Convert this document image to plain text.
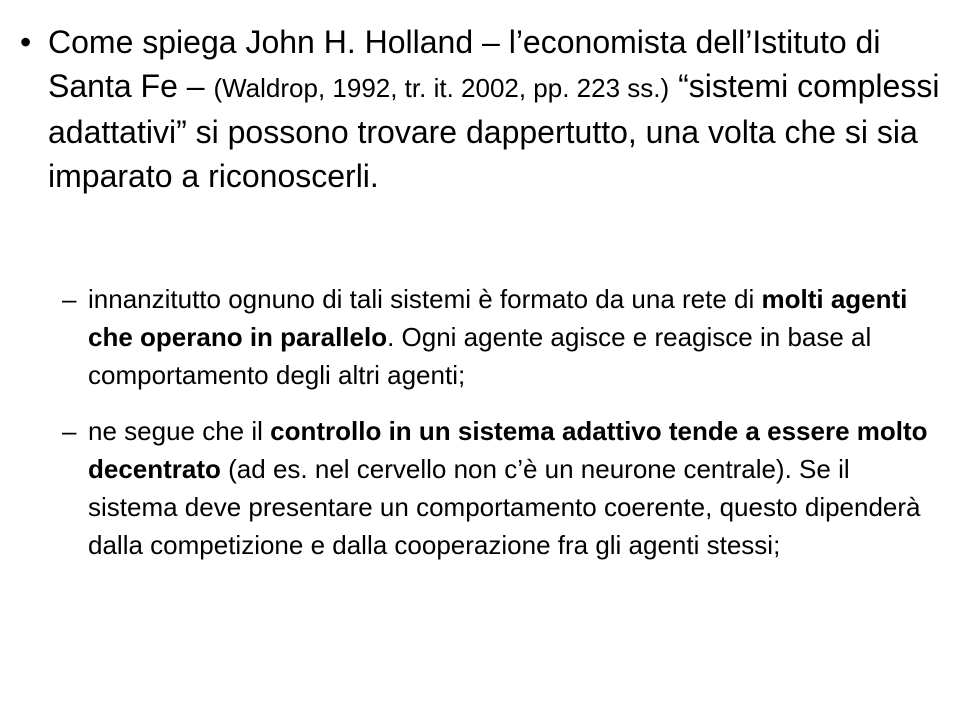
• Come spiega John H. Holland – l’economista dell’Istituto di Santa Fe – (Waldrop, 1992, tr. it. 2002, pp. 223 ss.) “sistemi complessi adattativi” si possono trovare dappertutto, una volta che si sia imparato a riconoscerli.
– innanzitutto ognuno di tali sistemi è formato da una rete di molti agenti che operano in parallelo. Ogni agente agisce e reagisce in base al comportamento degli altri agenti;
– ne segue che il controllo in un sistema adattivo tende a essere molto decentrato (ad es. nel cervello non c’è un neurone centrale). Se il sistema deve presentare un comportamento coerente, questo dipenderà dalla competizione e dalla cooperazione fra gli agenti stessi;
